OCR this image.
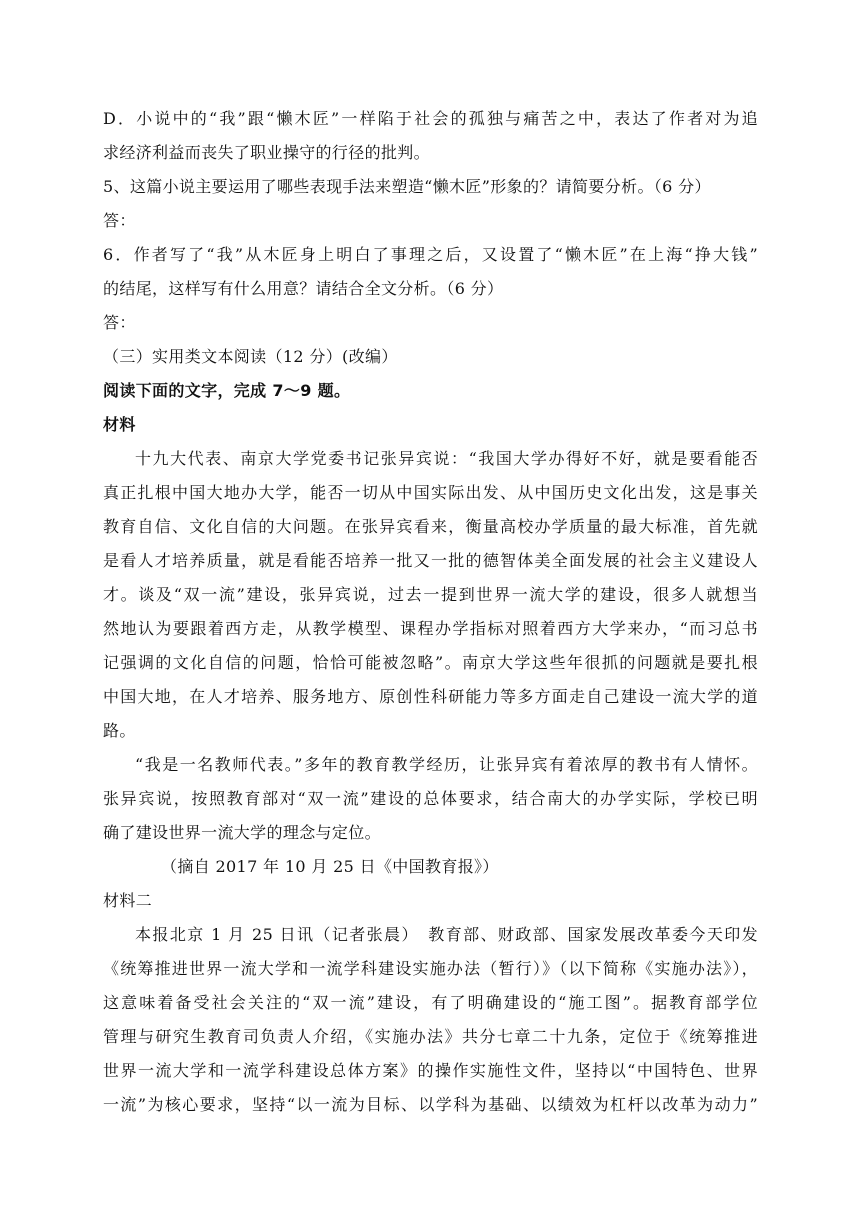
D．小说中的“我”跟“懒木匠”一样陷于社会的孤独与痛苦之中，表达了作者对为追
求经济利益而丧失了职业操守的行径的批判。
5、这篇小说主要运用了哪些表现手法来塑造“懒木匠”形象的？请简要分析。（6 分）
答：
6．作者写了“我”从木匠身上明白了事理之后，又设置了“懒木匠”在上海“挣大钱”
的结尾，这样写有什么用意？请结合全文分析。（6 分）
答：
（三）实用类文本阅读（12 分）(改编）
阅读下面的文字，完成 7～9 题。
材料
十九大代表、南京大学党委书记张异宾说：“我国大学办得好不好，就是要看能否
真正扎根中国大地办大学，能否一切从中国实际出发、从中国历史文化出发，这是事关
教育自信、文化自信的大问题。在张异宾看来，衡量高校办学质量的最大标准，首先就
是看人才培养质量，就是看能否培养一批又一批的德智体美全面发展的社会主义建设人
才。谈及“双一流”建设，张异宾说，过去一提到世界一流大学的建设，很多人就想当
然地认为要跟着西方走，从教学模型、课程办学指标对照着西方大学来办，“而习总书
记强调的文化自信的问题，恰恰可能被忽略”。南京大学这些年很抓的问题就是要扎根
中国大地，在人才培养、服务地方、原创性科研能力等多方面走自己建设一流大学的道
路。
“我是一名教师代表。”多年的教育教学经历，让张异宾有着浓厚的教书有人情怀。
张异宾说，按照教育部对“双一流”建设的总体要求，结合南大的办学实际，学校已明
确了建设世界一流大学的理念与定位。
（摘自 2017 年 10 月 25 日《中国教育报》）
材料二
本报北京 1 月 25 日讯（记者张晨）　教育部、财政部、国家发展改革委今天印发
《统筹推进世界一流大学和一流学科建设实施办法（暂行）》（以下简称《实施办法》），
这意味着备受社会关注的“双一流”建设，有了明确建设的“施工图”。据教育部学位
管理与研究生教育司负责人介绍，《实施办法》共分七章二十九条，定位于《统筹推进
世界一流大学和一流学科建设总体方案》的操作实施性文件，坚持以“中国特色、世界
一流”为核心要求，坚持“以一流为目标、以学科为基础、以绩效为杠杆以改革为动力”
